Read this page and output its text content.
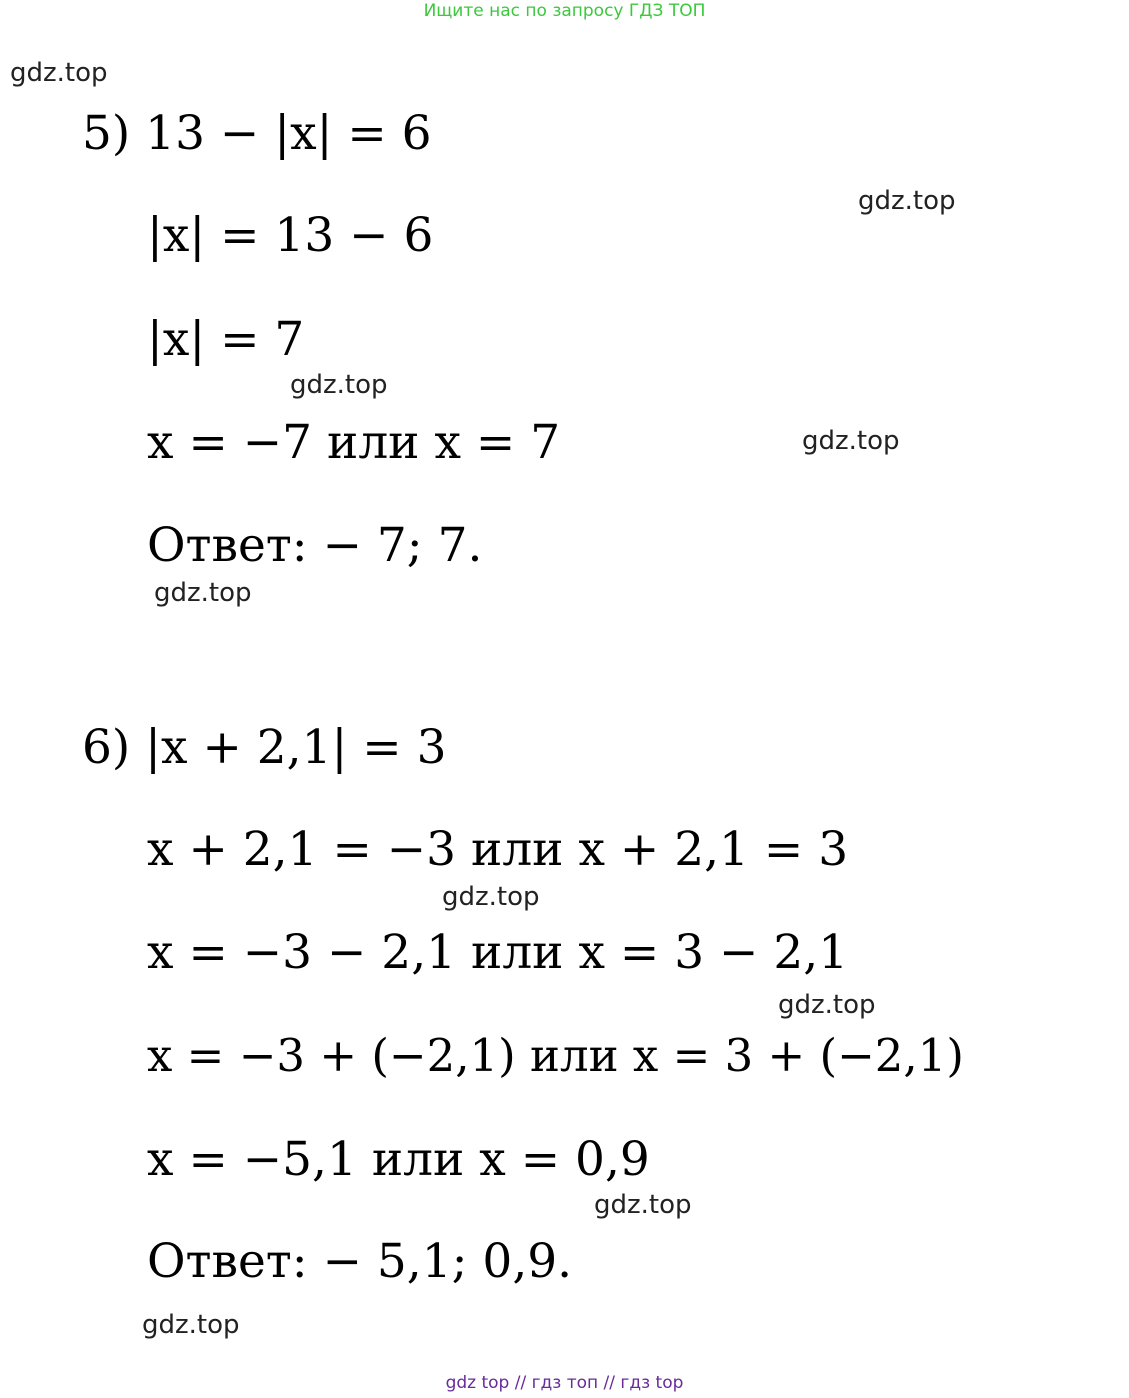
Ищите нас по запросу ГДЗ ТОП
gdz.top
5) 13 − |x| = 6
gdz.top
|x| = 13 − 6
|x| = 7
gdz.top
x = −7 или x = 7	gdz.top
Ответ: − 7; 7.
gdz.top
6) |x + 2,1| = 3
x + 2,1 = −3 или x + 2,1 = 3
gdz.top
x = −3 − 2,1 или x = 3 − 2,1
gdz.top
x = −3 + (−2,1) или x = 3 + (−2,1)
x = −5,1 или x = 0,9
gdz.top
Ответ: − 5,1; 0,9.
gdz.top
gdz top // гдз топ // гдз top
